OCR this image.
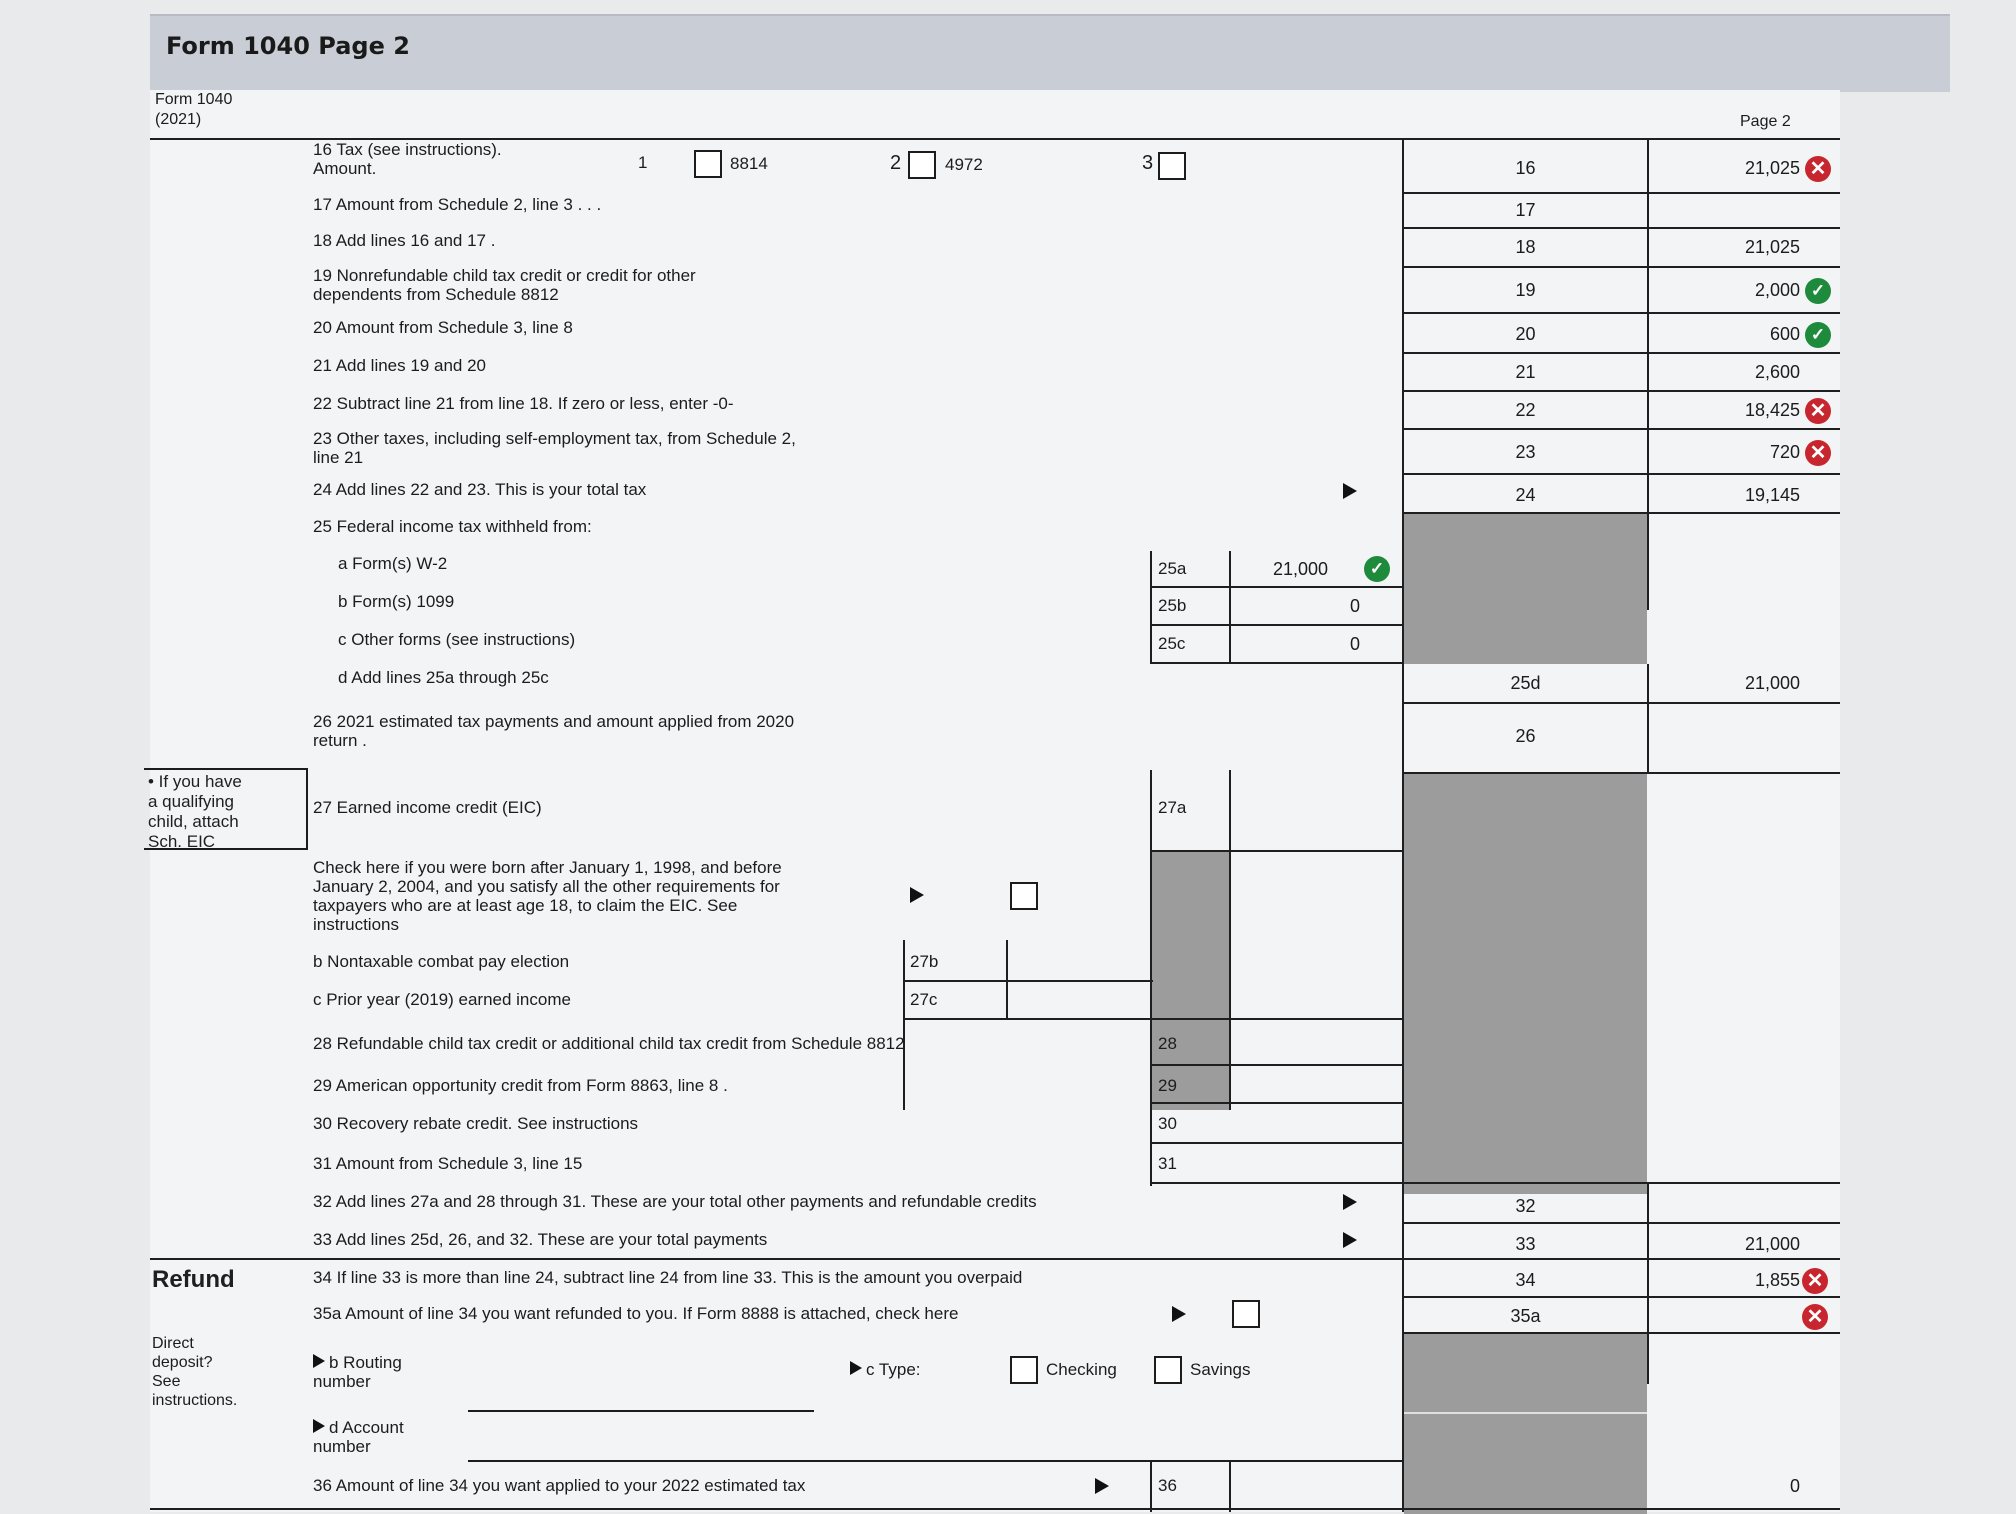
Form 1040 Page 2
Form 1040
(2021)	Page 2
16 Tax (see instructions).
Amount.	1	8814	2	4972	3	16	21,025 ✕
17 Amount from Schedule 2, line 3 . . .	17
18 Add lines 16 and 17 .	18	21,025
19 Nonrefundable child tax credit or credit for other
dependents from Schedule 8812	19	2,000 ✓
20 Amount from Schedule 3, line 8	20	600 ✓
21 Add lines 19 and 20	21	2,600
22 Subtract line 21 from line 18. If zero or less, enter -0-	22	18,425 ✕
23 Other taxes, including self-employment tax, from Schedule 2,
line 21	23	720 ✕
24 Add lines 22 and 23. This is your total tax	24	19,145
25 Federal income tax withheld from:
a Form(s) W-2	25a	21,000	✓
b Form(s) 1099	25b	0
c Other forms (see instructions)	25c	0
d Add lines 25a through 25c	25d	21,000
26 2021 estimated tax payments and amount applied from 2020
return .	26
• If you have
a qualifying
child, attach
Sch. EIC
27 Earned income credit (EIC)	27a
Check here if you were born after January 1, 1998, and before
January 2, 2004, and you satisfy all the other requirements for
taxpayers who are at least age 18, to claim the EIC. See
instructions
b Nontaxable combat pay election	27b
c Prior year (2019) earned income	27c
28 Refundable child tax credit or additional child tax credit from Schedule 8812	28
29 American opportunity credit from Form 8863, line 8 .	29
30 Recovery rebate credit. See instructions	30
31 Amount from Schedule 3, line 15	31
32 Add lines 27a and 28 through 31. These are your total other payments and refundable credits	32
33 Add lines 25d, 26, and 32. These are your total payments	33	21,000
Refund	34 If line 33 is more than line 24, subtract line 24 from line 33. This is the amount you overpaid	34	1,855 ✕
35a Amount of line 34 you want refunded to you. If Form 8888 is attached, check here	35a	✕
Direct
deposit?
See
instructions.
b Routing
number
c Type:	Checking	Savings
d Account
number
36 Amount of line 34 you want applied to your 2022 estimated tax	36	0
